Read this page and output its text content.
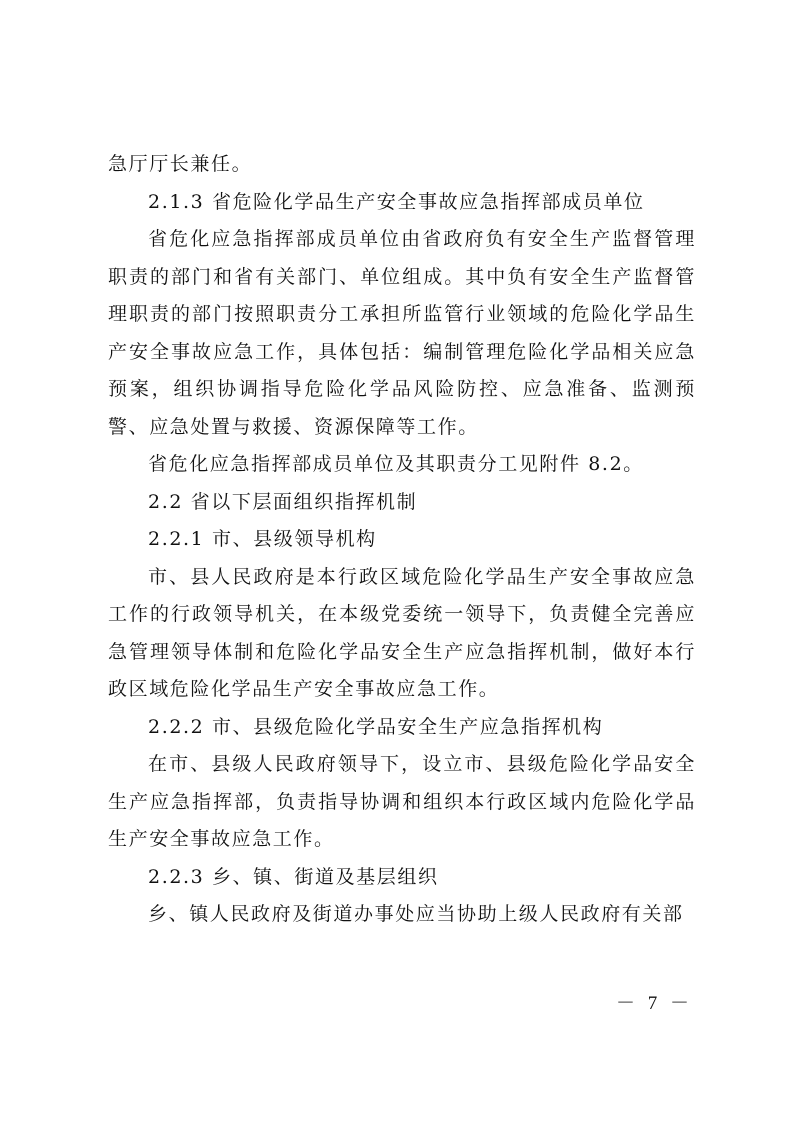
急厅厅长兼任。

2.1.3 省危险化学品生产安全事故应急指挥部成员单位

省危化应急指挥部成员单位由省政府负有安全生产监督管理职责的部门和省有关部门、单位组成。其中负有安全生产监督管理职责的部门按照职责分工承担所监管行业领域的危险化学品生产安全事故应急工作，具体包括：编制管理危险化学品相关应急预案，组织协调指导危险化学品风险防控、应急准备、监测预警、应急处置与救援、资源保障等工作。

省危化应急指挥部成员单位及其职责分工见附件 8.2。

2.2 省以下层面组织指挥机制

2.2.1 市、县级领导机构

市、县人民政府是本行政区域危险化学品生产安全事故应急工作的行政领导机关，在本级党委统一领导下，负责健全完善应急管理领导体制和危险化学品安全生产应急指挥机制，做好本行政区域危险化学品生产安全事故应急工作。

2.2.2 市、县级危险化学品安全生产应急指挥机构

在市、县级人民政府领导下，设立市、县级危险化学品安全生产应急指挥部，负责指导协调和组织本行政区域内危险化学品生产安全事故应急工作。

2.2.3 乡、镇、街道及基层组织

乡、镇人民政府及街道办事处应当协助上级人民政府有关部

－ 7 －
